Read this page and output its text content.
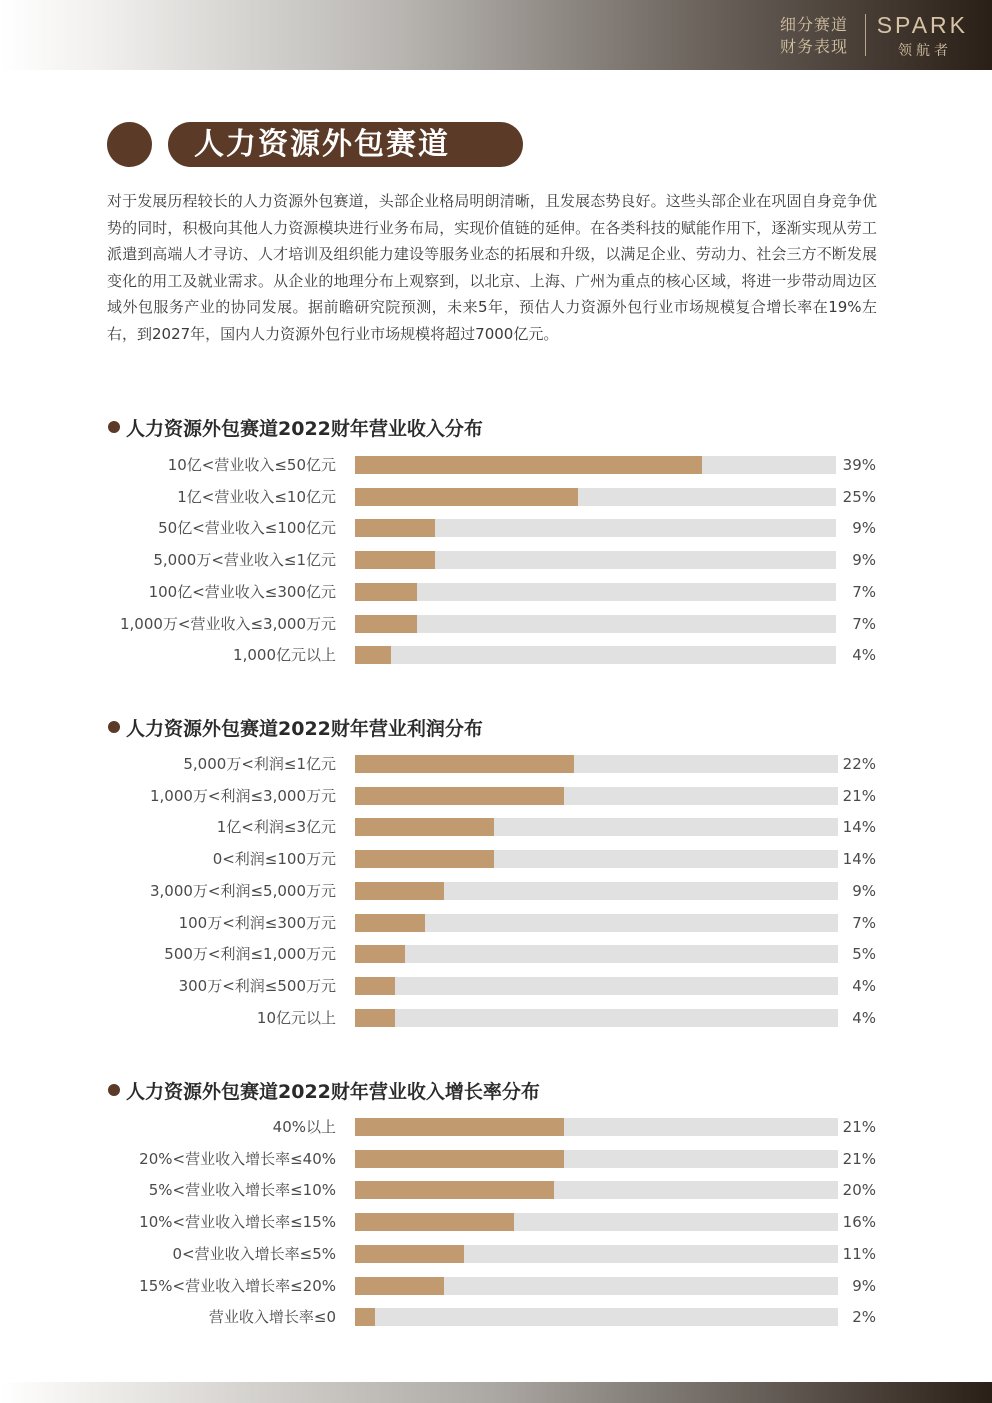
细分赛道
财务表现
SPARK
领航者
人力资源外包赛道

对于发展历程较长的人力资源外包赛道，头部企业格局明朗清晰，且发展态势良好。这些头部企业在巩固自身竞争优势的同时，积极向其他人力资源模块进行业务布局，实现价值链的延伸。在各类科技的赋能作用下，逐渐实现从劳工派遣到高端人才寻访、人才培训及组织能力建设等服务业态的拓展和升级，以满足企业、劳动力、社会三方不断发展变化的用工及就业需求。从企业的地理分布上观察到，以北京、上海、广州为重点的核心区域，将进一步带动周边区域外包服务产业的协同发展。据前瞻研究院预测，未来5年，预估人力资源外包行业市场规模复合增长率在19%左右，到2027年，国内人力资源外包行业市场规模将超过7000亿元。

人力资源外包赛道2022财年营业收入分布
10亿<营业收入≤50亿元	39%
1亿<营业收入≤10亿元	25%
50亿<营业收入≤100亿元	9%
5,000万<营业收入≤1亿元	9%
100亿<营业收入≤300亿元	7%
1,000万<营业收入≤3,000万元	7%
1,000亿元以上	4%
人力资源外包赛道2022财年营业利润分布
5,000万<利润≤1亿元	22%
1,000万<利润≤3,000万元	21%
1亿<利润≤3亿元	14%
0<利润≤100万元	14%
3,000万<利润≤5,000万元	9%
100万<利润≤300万元	7%
500万<利润≤1,000万元	5%
300万<利润≤500万元	4%
10亿元以上	4%
人力资源外包赛道2022财年营业收入增长率分布
40%以上	21%
20%<营业收入增长率≤40%	21%
5%<营业收入增长率≤10%	20%
10%<营业收入增长率≤15%	16%
0<营业收入增长率≤5%	11%
15%<营业收入增长率≤20%	9%
营业收入增长率≤0	2%
